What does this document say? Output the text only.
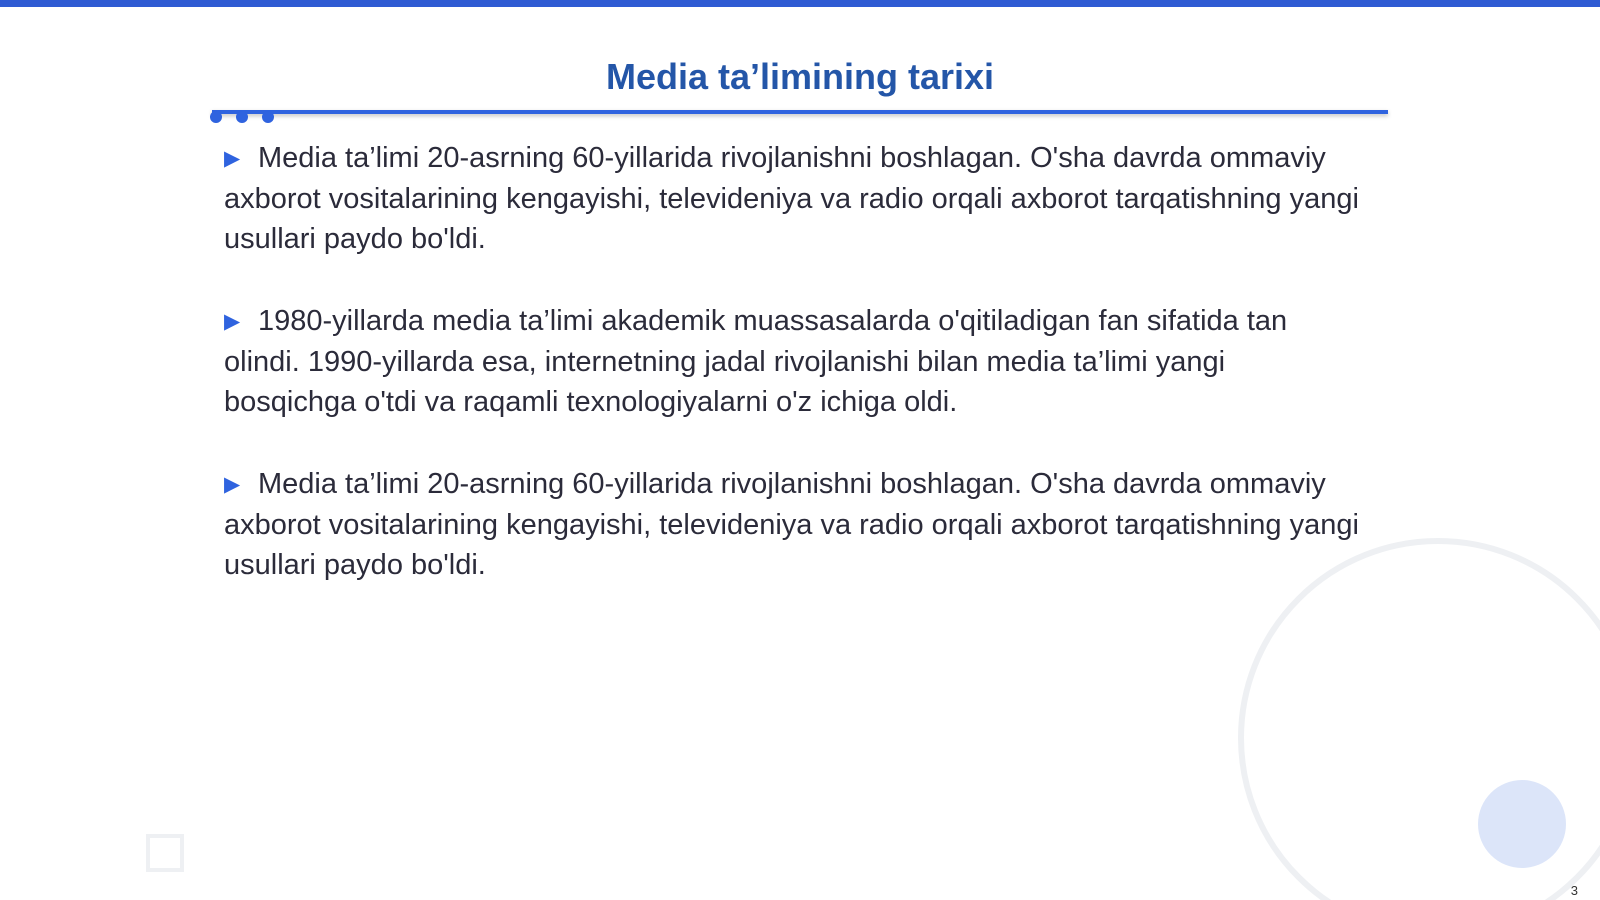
Media ta’limining tarixi

▶ Media ta’limi 20-asrning 60-yillarida rivojlanishni boshlagan. O'sha davrda ommaviy axborot vositalarining kengayishi, televideniya va radio orqali axborot tarqatishning yangi usullari paydo bo'ldi.

▶ 1980-yillarda media ta’limi akademik muassasalarda o'qitiladigan fan sifatida tan olindi. 1990-yillarda esa, internetning jadal rivojlanishi bilan media ta’limi yangi bosqichga o'tdi va raqamli texnologiyalarni o'z ichiga oldi.

▶ Media ta’limi 20-asrning 60-yillarida rivojlanishni boshlagan. O'sha davrda ommaviy axborot vositalarining kengayishi, televideniya va radio orqali axborot tarqatishning yangi usullari paydo bo'ldi.

3
